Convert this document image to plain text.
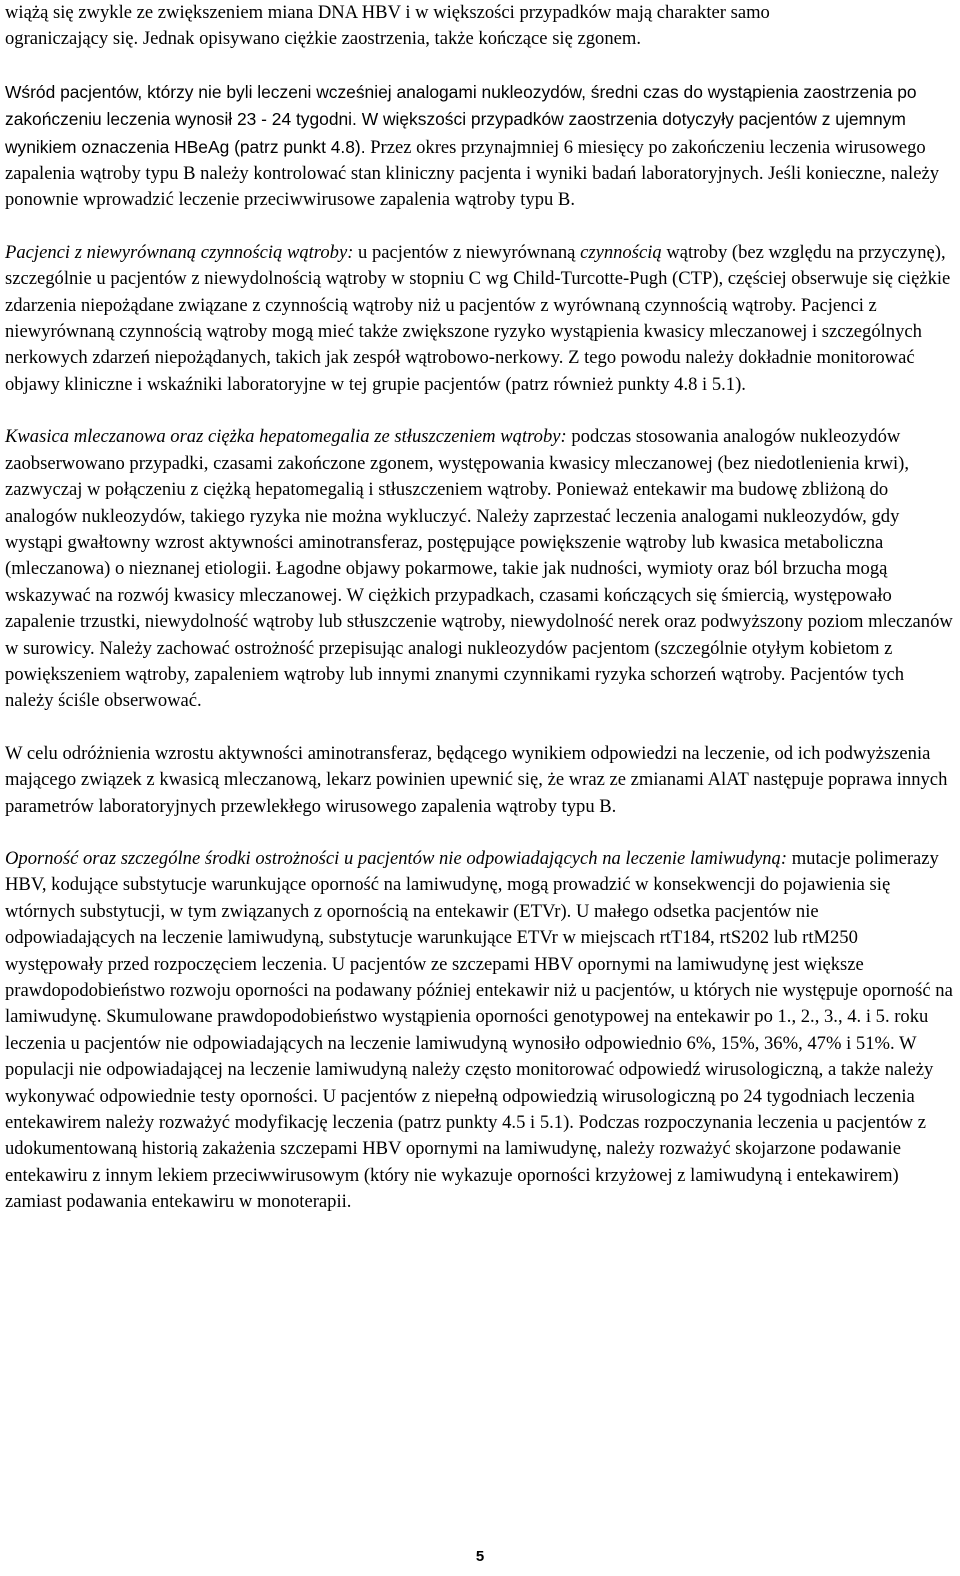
wiążą się zwykle ze zwiększeniem miana DNA HBV i w większości przypadków mają charakter samo
ograniczający się. Jednak opisywano ciężkie zaostrzenia, także kończące się zgonem.

Wśród pacjentów, którzy nie byli leczeni wcześniej analogami nukleozydów, średni czas do wystąpienia zaostrzenia po zakończeniu leczenia wynosił 23 - 24 tygodni. W większości przypadków zaostrzenia dotyczyły pacjentów z ujemnym wynikiem oznaczenia HBeAg (patrz punkt 4.8). Przez okres przynajmniej 6 miesięcy po zakończeniu leczenia wirusowego zapalenia wątroby typu B należy kontrolować stan kliniczny pacjenta i wyniki badań laboratoryjnych. Jeśli konieczne, należy ponownie wprowadzić leczenie przeciwwirusowe zapalenia wątroby typu B.

Pacjenci z niewyrównaną czynnością wątroby: u pacjentów z niewyrównaną czynnością wątroby (bez względu na przyczynę), szczególnie u pacjentów z niewydolnością wątroby w stopniu C wg Child-Turcotte-Pugh (CTP), częściej obserwuje się ciężkie zdarzenia niepożądane związane z czynnością wątroby niż u pacjentów z wyrównaną czynnością wątroby. Pacjenci z niewyrównaną czynnością wątroby mogą mieć także zwiększone ryzyko wystąpienia kwasicy mleczanowej i szczególnych nerkowych zdarzeń niepożądanych, takich jak zespół wątrobowo-nerkowy. Z tego powodu należy dokładnie monitorować objawy kliniczne i wskaźniki laboratoryjne w tej grupie pacjentów (patrz również punkty 4.8 i 5.1).

Kwasica mleczanowa oraz ciężka hepatomegalia ze stłuszczeniem wątroby: podczas stosowania analogów nukleozydów zaobserwowano przypadki, czasami zakończone zgonem, występowania kwasicy mleczanowej (bez niedotlenienia krwi), zazwyczaj w połączeniu z ciężką hepatomegalią i stłuszczeniem wątroby. Ponieważ entekawir ma budowę zbliżoną do analogów nukleozydów, takiego ryzyka nie można wykluczyć. Należy zaprzestać leczenia analogami nukleozydów, gdy wystąpi gwałtowny wzrost aktywności aminotransferaz, postępujące powiększenie wątroby lub kwasica metaboliczna (mleczanowa) o nieznanej etiologii. Łagodne objawy pokarmowe, takie jak nudności, wymioty oraz ból brzucha mogą wskazywać na rozwój kwasicy mleczanowej. W ciężkich przypadkach, czasami kończących się śmiercią, występowało zapalenie trzustki, niewydolność wątroby lub stłuszczenie wątroby, niewydolność nerek oraz podwyższony poziom mleczanów w surowicy. Należy zachować ostrożność przepisując analogi nukleozydów pacjentom (szczególnie otyłym kobietom z powiększeniem wątroby, zapaleniem wątroby lub innymi znanymi czynnikami ryzyka schorzeń wątroby. Pacjentów tych należy ściśle obserwować.

W celu odróżnienia wzrostu aktywności aminotransferaz, będącego wynikiem odpowiedzi na leczenie, od ich podwyższenia mającego związek z kwasicą mleczanową, lekarz powinien upewnić się, że wraz ze zmianami AlAT następuje poprawa innych parametrów laboratoryjnych przewlekłego wirusowego zapalenia wątroby typu B.

Oporność oraz szczególne środki ostrożności u pacjentów nie odpowiadających na leczenie lamiwudyną: mutacje polimerazy HBV, kodujące substytucje warunkujące oporność na lamiwudynę, mogą prowadzić w konsekwencji do pojawienia się wtórnych substytucji, w tym związanych z opornością na entekawir (ETVr). U małego odsetka pacjentów nie odpowiadających na leczenie lamiwudyną, substytucje warunkujące ETVr w miejscach rtT184, rtS202 lub rtM250 występowały przed rozpoczęciem leczenia. U pacjentów ze szczepami HBV opornymi na lamiwudynę jest większe prawdopodobieństwo rozwoju oporności na podawany później entekawir niż u pacjentów, u których nie występuje oporność na lamiwudynę. Skumulowane prawdopodobieństwo wystąpienia oporności genotypowej na entekawir po 1., 2., 3., 4. i 5. roku leczenia u pacjentów nie odpowiadających na leczenie lamiwudyną wynosiło odpowiednio 6%, 15%, 36%, 47% i 51%. W populacji nie odpowiadającej na leczenie lamiwudyną należy często monitorować odpowiedź wirusologiczną, a także należy wykonywać odpowiednie testy oporności. U pacjentów z niepełną odpowiedzią wirusologiczną po 24 tygodniach leczenia entekawirem należy rozważyć modyfikację leczenia (patrz punkty 4.5 i 5.1). Podczas rozpoczynania leczenia u pacjentów z udokumentowaną historią zakażenia szczepami HBV opornymi na lamiwudynę, należy rozważyć skojarzone podawanie entekawiru z innym lekiem przeciwwirusowym (który nie wykazuje oporności krzyżowej z lamiwudyną i entekawirem) zamiast podawania entekawiru w monoterapii.

5
